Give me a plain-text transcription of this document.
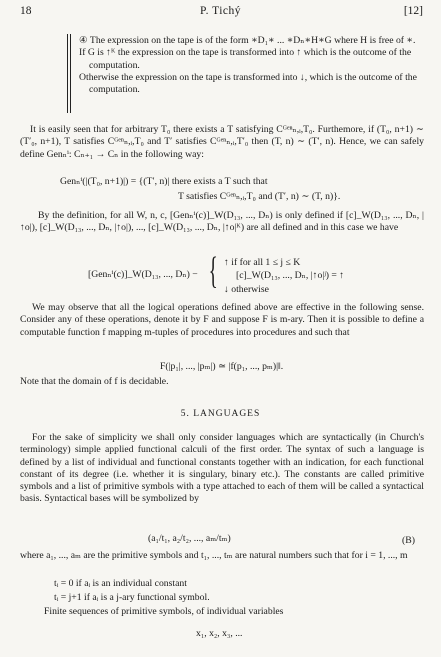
18	P. Tichý	[12]

④ The expression on the tape is of the form ∗D₁∗ ... ∗Dₙ∗H∗G where H is free of ∗.

If G is ↑ᴷ the expression on the tape is transformed into ↑ which is the outcome of the computation.

Otherwise the expression on the tape is transformed into ↓, which is the outcome of the computation.

It is easily seen that for arbitrary T₀ there exists a T satisfying Cᴳᵉⁿₙ,ᵢ,T₀. Furthemore, if (T₀, n+1) ∼ (T′₀, n+1), T satisfies Cᴳᵉⁿₙ,ᵢ,T₀ and T′ satisfies Cᴳᵉⁿₙ,ᵢ,T′₀ then (T, n) ∼ (T′, n). Hence, we can safely define Genₙⁱ: Cₙ₊₁ → Cₙ in the following way:
Genₙⁱ(|(T₀, n+1)|) = {(T′, n)| there exists a T such that
T satisfies Cᴳᵉⁿₙ,ᵢ,T₀ and (T′, n) ∼ (T, n)}.
By the definition, for all W, n, c, [Genₙⁱ(c)]_W(D₁₃, ..., Dₙ) is only defined if [c]_W(D₁₃, ..., Dₙ, |↑o|), [c]_W(D₁₃, ..., Dₙ, |↑o|), ..., [c]_W(D₁₃, ..., Dₙ, |↑o|ᴷ) are all defined and in this case we have
[Genₙⁱ(c)]_W(D₁₃, ..., Dₙ) − { ↑ if for all 1 ≤ j ≤ K
[c]_W(D₁₃, ..., Dₙ, |↑o|ʲ) = ↑
↓ otherwise
We may observe that all the logical operations defined above are effective in the following sense. Consider any of these operations, denote it by F and suppose F is m-ary. Then it is possible to define a computable function f mapping m-tuples of procedures into procedures and such that
F(|p₁|, ..., |pₘ|) ≃ |f(p₁, ..., pₘ)|‖.
Note that the domain of f is decidable.
5. LANGUAGES
For the sake of simplicity we shall only consider languages which are syntactically (in Church's terminology) simple applied functional calculi of the first order. The syntax of such a language is defined by a list of individual and functional constants together with an indication, for each functional constant of its degree (i.e. whether it is singulary, binary etc.). The constants are called primitive symbols and a list of primitive symbols with a type attached to each of them will be called a syntactical basis. Syntactical bases will be symbolized by
(a₁/t₁, a₂/t₂, ..., aₘ/tₘ)	(B)
where a₁, ..., aₘ are the primitive symbols and t₁, ..., tₘ are natural numbers such that for i = 1, ..., m
tᵢ = 0 if aᵢ is an individual constant
tᵢ = j+1 if aᵢ is a j-ary functional symbol.
Finite sequences of primitive symbols, of individual variables
x₁, x₂, x₃, ...
